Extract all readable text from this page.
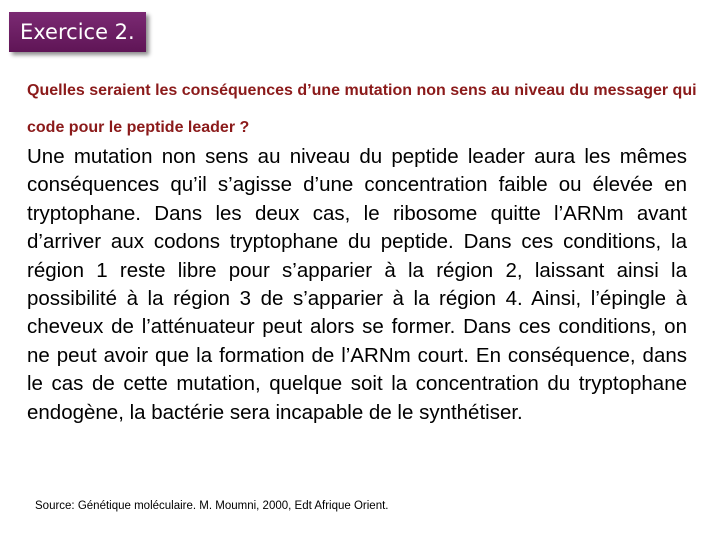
Exercice 2.
Quelles seraient les conséquences d’une mutation non sens au niveau du messager qui code pour le peptide leader ?
Une mutation non sens au niveau du peptide leader aura les mêmes conséquences qu’il s’agisse d’une concentration faible ou élevée en tryptophane. Dans les deux cas, le ribosome quitte l’ARNm avant d’arriver aux codons tryptophane du peptide. Dans ces conditions, la région 1 reste libre pour s’apparier à la région 2, laissant ainsi la possibilité à la région 3 de s’apparier à la région 4. Ainsi, l’épingle à cheveux de l’atténuateur peut alors se former. Dans ces conditions, on ne peut avoir que la formation de l’ARNm court. En conséquence, dans le cas de cette mutation, quelque soit la concentration du tryptophane endogène, la bactérie sera incapable de le synthétiser.
Source: Génétique moléculaire. M. Moumni, 2000, Edt Afrique Orient.
